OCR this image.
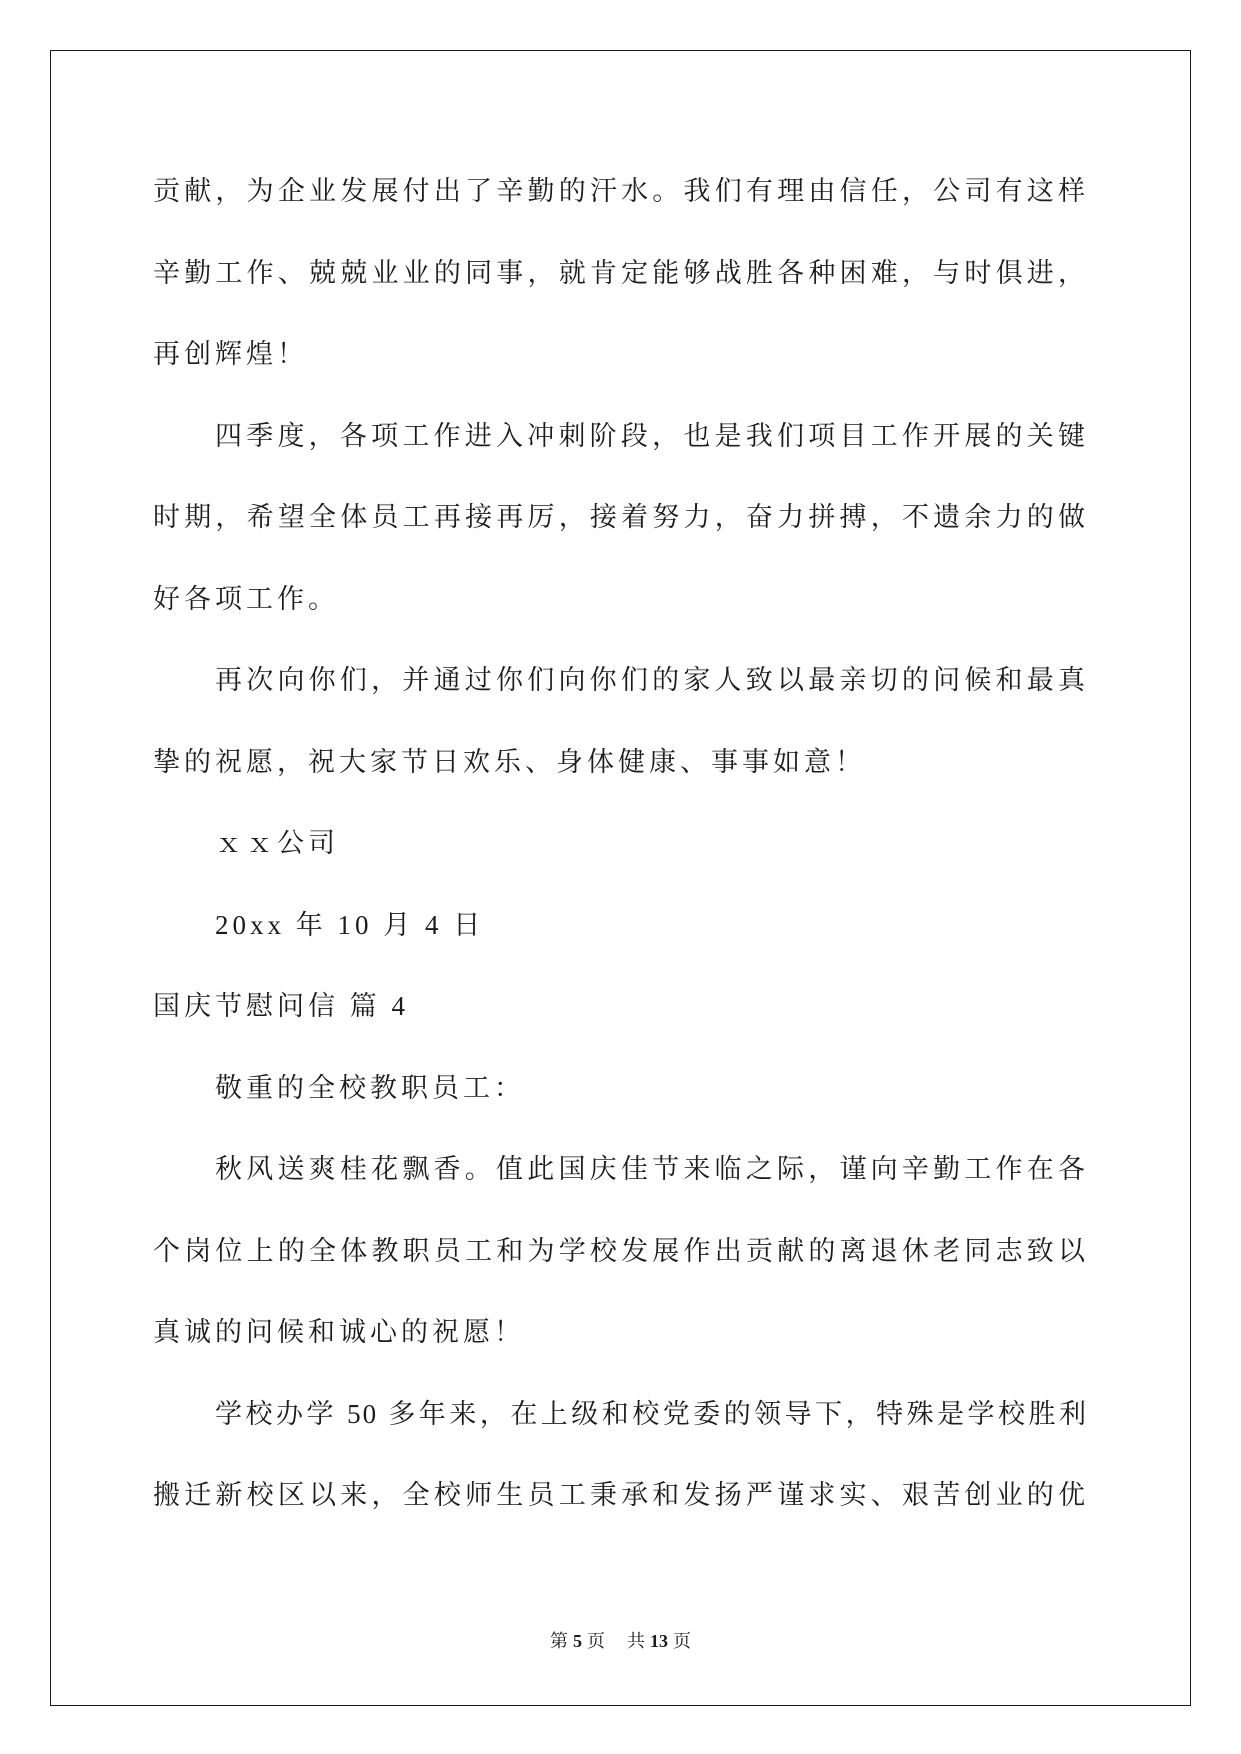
贡献，为企业发展付出了辛勤的汗水。我们有理由信任，公司有这样
辛勤工作、兢兢业业的同事，就肯定能够战胜各种困难，与时俱进，
再创辉煌！
四季度，各项工作进入冲刺阶段，也是我们项目工作开展的关键
时期，希望全体员工再接再厉，接着努力，奋力拼搏，不遗余力的做
好各项工作。
再次向你们，并通过你们向你们的家人致以最亲切的问候和最真
挚的祝愿，祝大家节日欢乐、身体健康、事事如意！
ｘｘ公司
20xx 年 10 月 4 日
国庆节慰问信 篇 4
敬重的全校教职员工：
秋风送爽桂花飘香。值此国庆佳节来临之际，谨向辛勤工作在各
个岗位上的全体教职员工和为学校发展作出贡献的离退休老同志致以
真诚的问候和诚心的祝愿！
学校办学 50 多年来，在上级和校党委的领导下，特殊是学校胜利
搬迁新校区以来，全校师生员工秉承和发扬严谨求实、艰苦创业的优
第 5 页 共 13 页
